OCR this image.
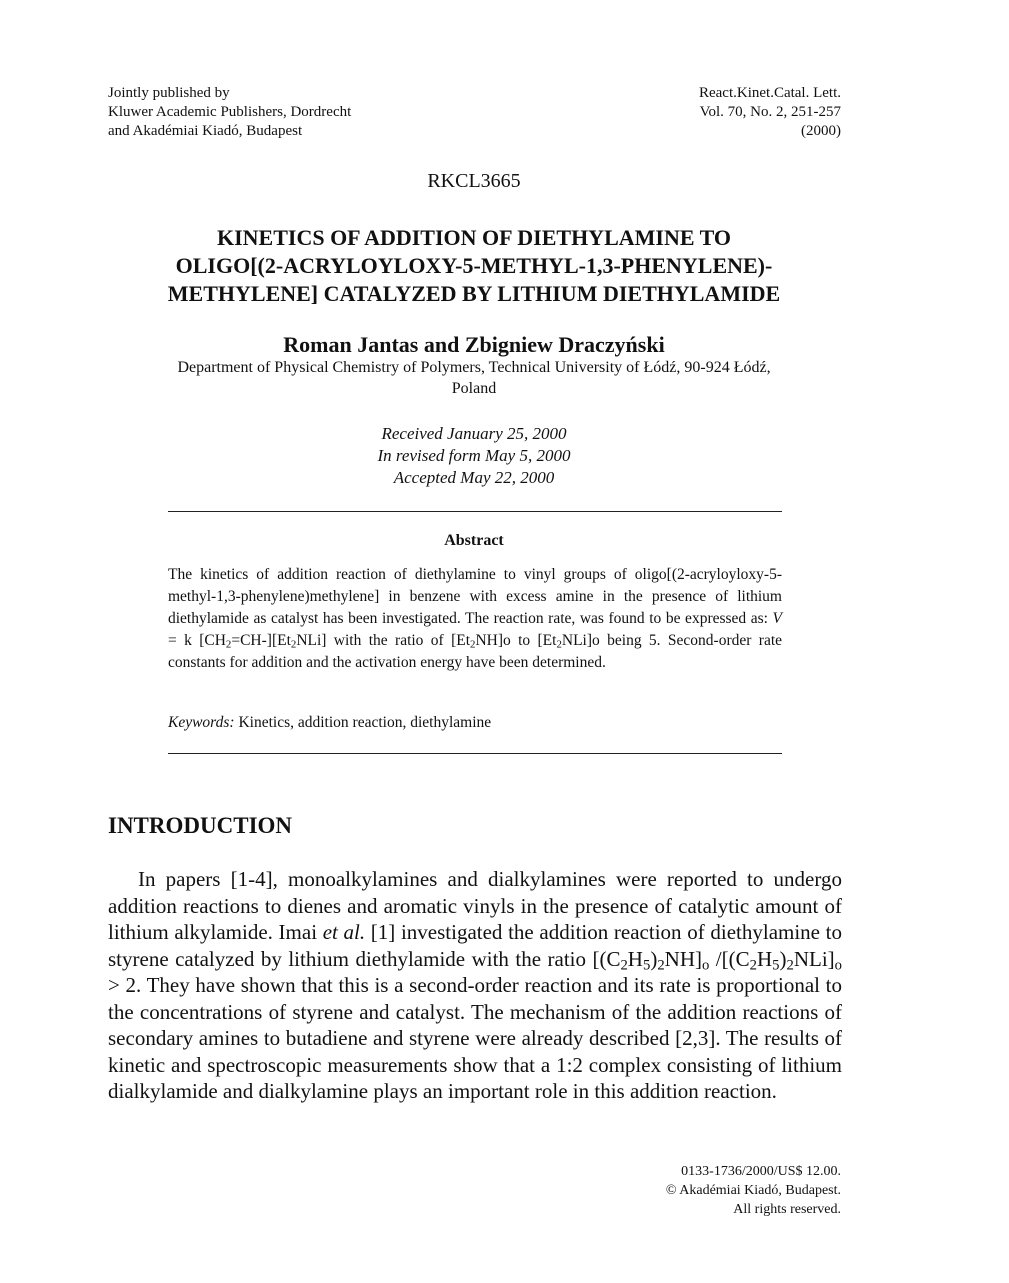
Jointly published by
Kluwer Academic Publishers, Dordrecht
and Akadémiai Kiadó, Budapest
React.Kinet.Catal. Lett.
Vol. 70, No. 2, 251-257
(2000)
RKCL3665
KINETICS OF ADDITION OF DIETHYLAMINE TO
OLIGO[(2-ACRYLOYLOXY-5-METHYL-1,3-PHENYLENE)-
METHYLENE] CATALYZED BY LITHIUM DIETHYLAMIDE
Roman Jantas and Zbigniew Draczyński
Department of Physical Chemistry of Polymers, Technical University of Łódź, 90-924 Łódź,
Poland
Received January 25, 2000
In revised form May 5, 2000
Accepted May 22, 2000
Abstract
The kinetics of addition reaction of diethylamine to vinyl groups of oligo[(2-acryloyloxy-5-methyl-1,3-phenylene)methylene] in benzene with excess amine in the presence of lithium diethylamide as catalyst has been investigated. The reaction rate, was found to be expressed as: V = k $[CH_2=CH-][Et_2NLi]$ with the ratio of $[Et_2NH]o$ to $[Et_2NLi]o$ being 5. Second-order rate constants for addition and the activation energy have been determined.
Keywords: Kinetics, addition reaction, diethylamine
INTRODUCTION

In papers [1-4], monoalkylamines and dialkylamines were reported to undergo addition reactions to dienes and aromatic vinyls in the presence of catalytic amount of lithium alkylamide. Imai et al. [1] investigated the addition reaction of diethylamine to styrene catalyzed by lithium diethylamide with the ratio $[(C_2H_5)_2NH]_o$ $/[(C_2H_5)_2NLi]_o > 2$. They have shown that this is a second-order reaction and its rate is proportional to the concentrations of styrene and catalyst. The mechanism of the addition reactions of secondary amines to butadiene and styrene were already described [2,3]. The results of kinetic and spectroscopic measurements show that a 1:2 complex consisting of lithium dialkylamide and dialkylamine plays an important role in this addition reaction.

0133-1736/2000/US$ 12.00.
© Akadémiai Kiadó, Budapest.
All rights reserved.
